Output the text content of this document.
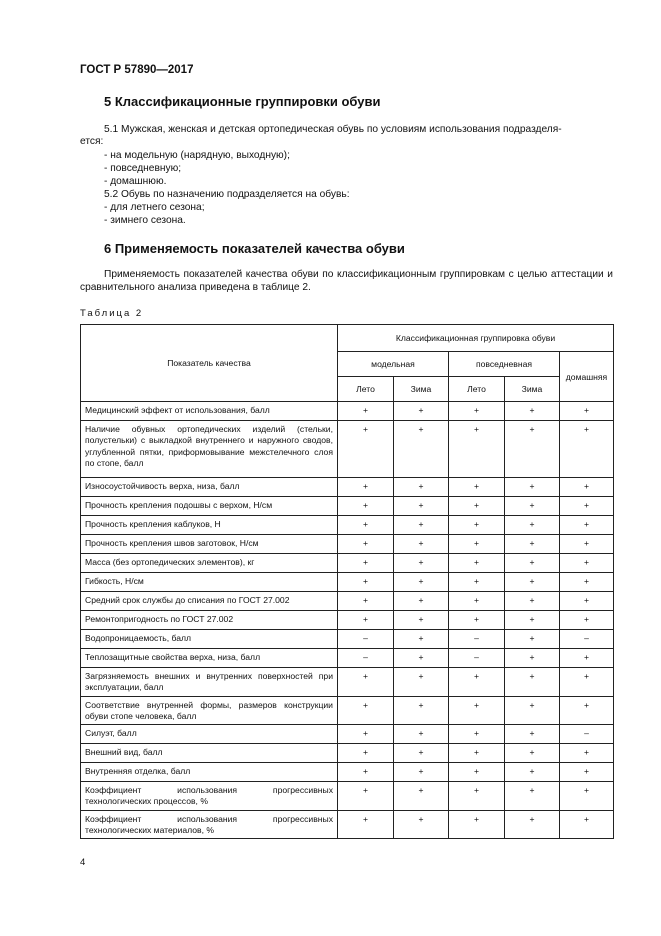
ГОСТ Р 57890—2017
5 Классификационные группировки обуви
5.1 Мужская, женская и детская ортопедическая обувь по условиям использования подразделя-
ется:
- на модельную (нарядную, выходную);
- повседневную;
- домашнюю.
5.2 Обувь по назначению подразделяется на обувь:
- для летнего сезона;
- зимнего сезона.
6 Применяемость показателей качества обуви
Применяемость показателей качества обуви по классификационным группировкам с целью аттестации и сравнительного анализа приведена в таблице 2.
Таблица 2
Показатель качества	Классификационная группировка обуви				
	модельная		повседневная		домашняя
	Лето	Зима	Лето	Зима	
Медицинский эффект от использования, балл	+	+	+	+	+
Наличие обувных ортопедических изделий (стельки, полустельки) с выкладкой внутреннего и наружного сводов, углубленной пятки, приформовывание межстелечного слоя по стопе, балл	+	+	+	+	+
Износоустойчивость верха, низа, балл	+	+	+	+	+
Прочность крепления подошвы с верхом, Н/см	+	+	+	+	+
Прочность крепления каблуков, Н	+	+	+	+	+
Прочность крепления швов заготовок, Н/см	+	+	+	+	+
Масса (без ортопедических элементов), кг	+	+	+	+	+
Гибкость, Н/см	+	+	+	+	+
Средний срок службы до списания по ГОСТ 27.002	+	+	+	+	+
Ремонтопригодность по ГОСТ 27.002	+	+	+	+	+
Водопроницаемость, балл	–	+	–	+	–
Теплозащитные свойства верха, низа, балл	–	+	–	+	+
Загрязняемость внешних и внутренних поверхностей при эксплуатации, балл	+	+	+	+	+
Соответствие внутренней формы, размеров конструкции обуви стопе человека, балл	+	+	+	+	+
Силуэт, балл	+	+	+	+	–
Внешний вид, балл	+	+	+	+	+
Внутренняя отделка, балл	+	+	+	+	+
Коэффициент использования прогрессивных технологических процессов, %	+	+	+	+	+
Коэффициент использования прогрессивных технологических материалов, %	+	+	+	+	+
4
